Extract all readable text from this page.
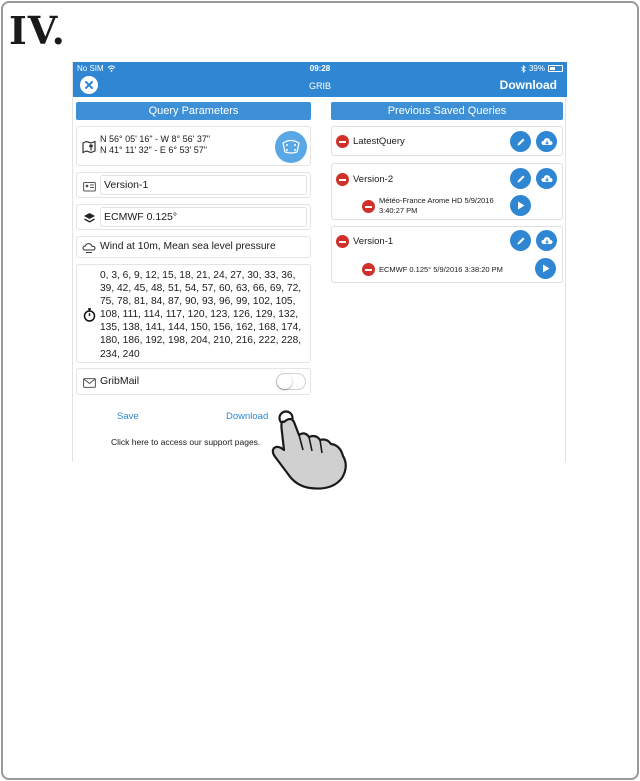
IV.
No SIM	09:28	39%
GRIB	Download
Query Parameters	Previous Saved Queries
N 56° 05' 16" - W 8° 56' 37"
N 41° 11' 32" - E 6° 53' 57"
Version-1
ECMWF 0.125°
Wind at 10m, Mean sea level pressure
0, 3, 6, 9, 12, 15, 18, 21, 24, 27, 30, 33, 36, 39, 42, 45, 48, 51, 54, 57, 60, 63, 66, 69, 72, 75, 78, 81, 84, 87, 90, 93, 96, 99, 102, 105, 108, 111, 114, 117, 120, 123, 126, 129, 132, 135, 138, 141, 144, 150, 156, 162, 168, 174, 180, 186, 192, 198, 204, 210, 216, 222, 228, 234, 240
GribMail
Save	Download
Click here to access our support pages.
LatestQuery
Version-2
Météo-France Arome HD 5/9/2016
3:40:27 PM
Version-1
ECMWF 0.125° 5/9/2016 3:38:20 PM
